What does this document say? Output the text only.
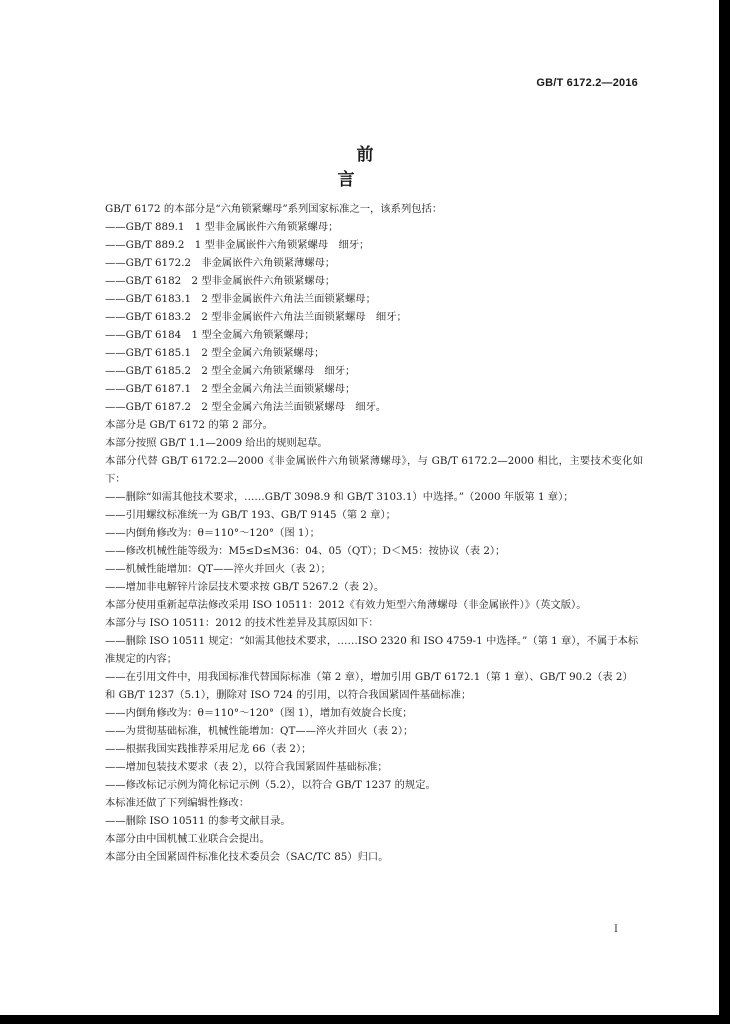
GB/T 6172.2—2016
前言

GB/T 6172 的本部分是“六角锁紧螺母”系列国家标准之一，该系列包括：

——GB/T 889.1　1 型非金属嵌件六角锁紧螺母；

——GB/T 889.2　1 型非金属嵌件六角锁紧螺母　细牙；

——GB/T 6172.2　非金属嵌件六角锁紧薄螺母；

——GB/T 6182　2 型非金属嵌件六角锁紧螺母；

——GB/T 6183.1　2 型非金属嵌件六角法兰面锁紧螺母；

——GB/T 6183.2　2 型非金属嵌件六角法兰面锁紧螺母　细牙；

——GB/T 6184　1 型全金属六角锁紧螺母；

——GB/T 6185.1　2 型全金属六角锁紧螺母；

——GB/T 6185.2　2 型全金属六角锁紧螺母　细牙；

——GB/T 6187.1　2 型全金属六角法兰面锁紧螺母；

——GB/T 6187.2　2 型全金属六角法兰面锁紧螺母　细牙。

本部分是 GB/T 6172 的第 2 部分。

本部分按照 GB/T 1.1—2009 给出的规则起草。

本部分代替 GB/T 6172.2—2000《非金属嵌件六角锁紧薄螺母》，与 GB/T 6172.2—2000 相比，主要技术变化如下：

——删除“如需其他技术要求，……GB/T 3098.9 和 GB/T 3103.1）中选择。”（2000 年版第 1 章）；

——引用螺纹标准统一为 GB/T 193、GB/T 9145（第 2 章）；

——内倒角修改为：θ＝110°～120°（图 1）；

——修改机械性能等级为：M5≤D≤M36：04、05（QT）；D＜M5：按协议（表 2）；

——机械性能增加：QT——淬火并回火（表 2）；

——增加非电解锌片涂层技术要求按 GB/T 5267.2（表 2）。

本部分使用重新起草法修改采用 ISO 10511：2012《有效力矩型六角薄螺母（非金属嵌件）》（英文版）。

本部分与 ISO 10511：2012 的技术性差异及其原因如下：

——删除 ISO 10511 规定：“如需其他技术要求，……ISO 2320 和 ISO 4759-1 中选择。”（第 1 章），不属于本标准规定的内容；

——在引用文件中，用我国标准代替国际标准（第 2 章），增加引用 GB/T 6172.1（第 1 章）、GB/T 90.2（表 2）和 GB/T 1237（5.1），删除对 ISO 724 的引用，以符合我国紧固件基础标准；

——内倒角修改为：θ＝110°～120°（图 1），增加有效旋合长度；

——为贯彻基础标准，机械性能增加：QT——淬火并回火（表 2）；

——根据我国实践推荐采用尼龙 66（表 2）；

——增加包装技术要求（表 2），以符合我国紧固件基础标准；

——修改标记示例为简化标记示例（5.2），以符合 GB/T 1237 的规定。

本标准还做了下列编辑性修改：

——删除 ISO 10511 的参考文献目录。

本部分由中国机械工业联合会提出。

本部分由全国紧固件标准化技术委员会（SAC/TC 85）归口。

I
